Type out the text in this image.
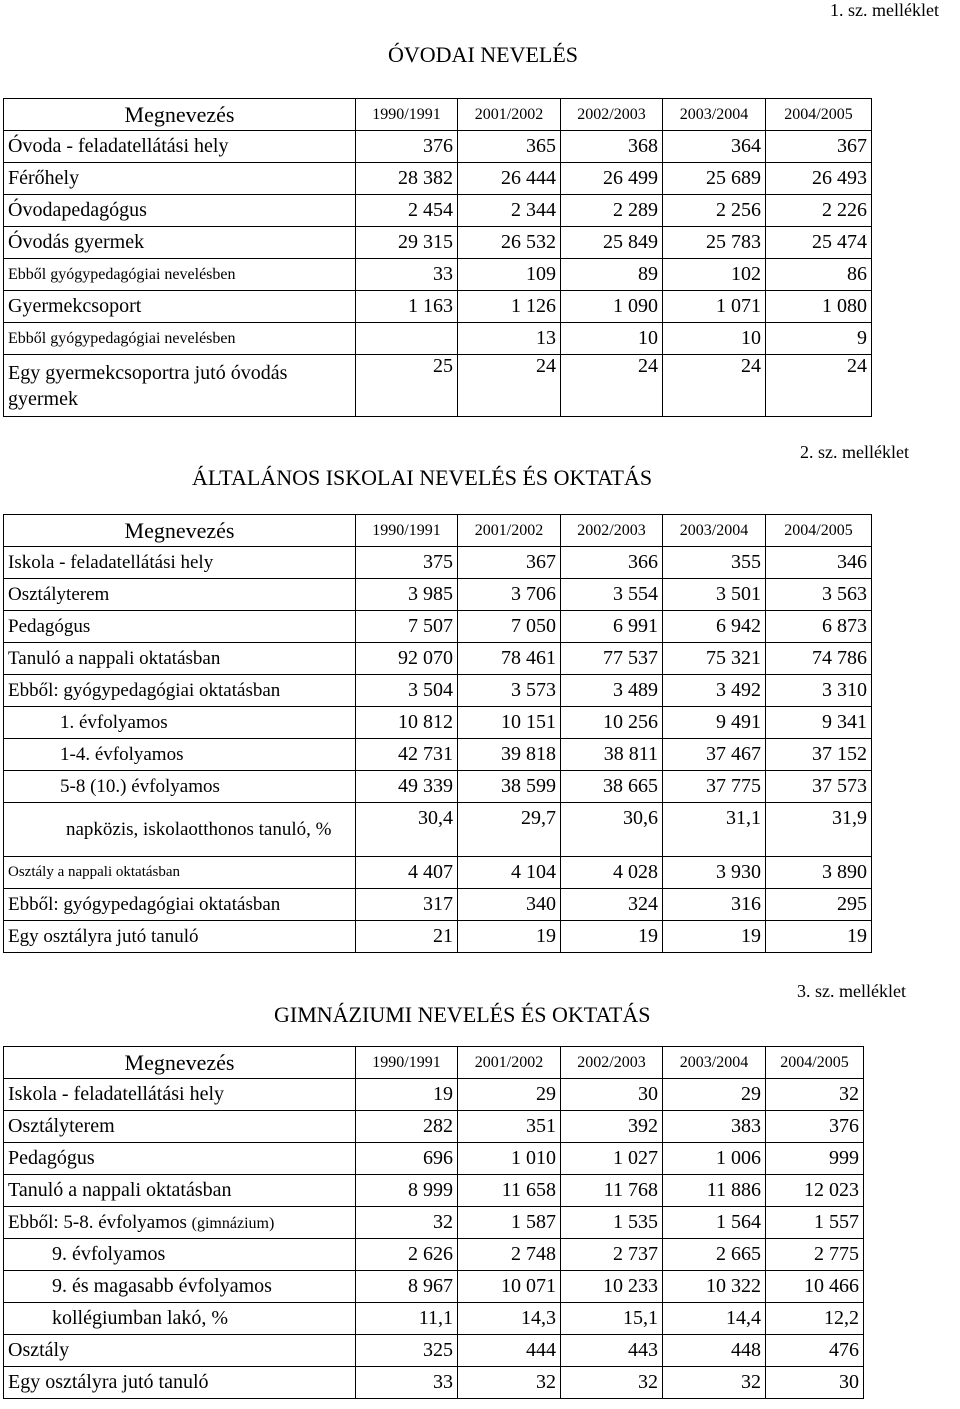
1. sz. melléklet
ÓVODAI NEVELÉS
Megnevezés	1990/1991	2001/2002	2002/2003	2003/2004	2004/2005
Óvoda - feladatellátási hely	376	365	368	364	367
Férőhely	28 382	26 444	26 499	25 689	26 493
Óvodapedagógus	2 454	2 344	2 289	2 256	2 226
Óvodás gyermek	29 315	26 532	25 849	25 783	25 474
Ebből gyógypedagógiai nevelésben	33	109	89	102	86
Gyermekcsoport	1 163	1 126	1 090	1 071	1 080
Ebből gyógypedagógiai nevelésben		13	10	10	9
Egy gyermekcsoportra jutó óvodás gyermek	25	24	24	24	24
2. sz. melléklet
ÁLTALÁNOS ISKOLAI NEVELÉS ÉS OKTATÁS
Megnevezés	1990/1991	2001/2002	2002/2003	2003/2004	2004/2005
Iskola - feladatellátási hely	375	367	366	355	346
Osztályterem	3 985	3 706	3 554	3 501	3 563
Pedagógus	7 507	7 050	6 991	6 942	6 873
Tanuló a nappali oktatásban	92 070	78 461	77 537	75 321	74 786
Ebből: gyógypedagógiai oktatásban	3 504	3 573	3 489	3 492	3 310
1. évfolyamos	10 812	10 151	10 256	9 491	9 341
1-4. évfolyamos	42 731	39 818	38 811	37 467	37 152
5-8 (10.) évfolyamos	49 339	38 599	38 665	37 775	37 573
napközis, iskolaotthonos tanuló, %	30,4	29,7	30,6	31,1	31,9
Osztály a nappali oktatásban	4 407	4 104	4 028	3 930	3 890
Ebből: gyógypedagógiai oktatásban	317	340	324	316	295
Egy osztályra jutó tanuló	21	19	19	19	19
3. sz. melléklet
GIMNÁZIUMI NEVELÉS ÉS OKTATÁS
Megnevezés	1990/1991	2001/2002	2002/2003	2003/2004	2004/2005
Iskola - feladatellátási hely	19	29	30	29	32
Osztályterem	282	351	392	383	376
Pedagógus	696	1 010	1 027	1 006	999
Tanuló a nappali oktatásban	8 999	11 658	11 768	11 886	12 023
Ebből: 5-8. évfolyamos (gimnázium)	32	1 587	1 535	1 564	1 557
9. évfolyamos	2 626	2 748	2 737	2 665	2 775
9. és magasabb évfolyamos	8 967	10 071	10 233	10 322	10 466
kollégiumban lakó, %	11,1	14,3	15,1	14,4	12,2
Osztály	325	444	443	448	476
Egy osztályra jutó tanuló	33	32	32	32	30
